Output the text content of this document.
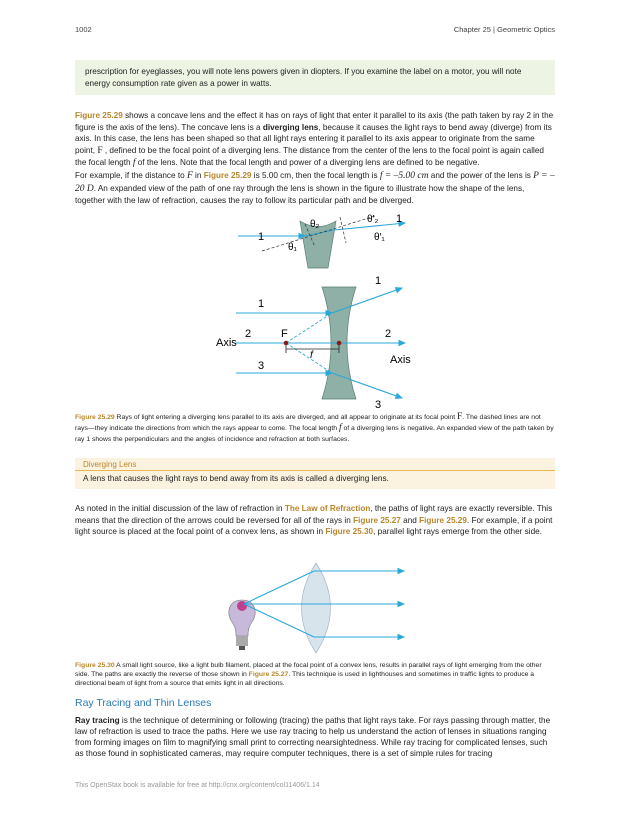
1002	Chapter 25 | Geometric Optics

prescription for eyeglasses, you will note lens powers given in diopters. If you examine the label on a motor, you will note energy consumption rate given as a power in watts.

Figure 25.29 shows a concave lens and the effect it has on rays of light that enter it parallel to its axis (the path taken by ray 2 in the figure is the axis of the lens). The concave lens is a diverging lens, because it causes the light rays to bend away (diverge) from its axis. In this case, the lens has been shaped so that all light rays entering it parallel to its axis appear to originate from the same point, F , defined to be the focal point of a diverging lens. The distance from the center of the lens to the focal point is again called the focal length f of the lens. Note that the focal length and power of a diverging lens are defined to be negative.

For example, if the distance to F in Figure 25.29 is 5.00 cm, then the focal length is f = –5.00 cm and the power of the lens is P = –20 D. An expanded view of the path of one ray through the lens is shown in the figure to illustrate how the shape of the lens, together with the law of refraction, causes the ray to follow its particular path and be diverged.

1
1
θ₂	θ′₂
θ₁
θ′₁
F
f
Axis
Axis
1
1
2	2
3
3

Figure 25.29 Rays of light entering a diverging lens parallel to its axis are diverged, and all appear to originate at its focal point F. The dashed lines are not rays—they indicate the directions from which the rays appear to come. The focal length f of a diverging lens is negative. An expanded view of the path taken by ray 1 shows the perpendiculars and the angles of incidence and refraction at both surfaces.

Diverging Lens
A lens that causes the light rays to bend away from its axis is called a diverging lens.

As noted in the initial discussion of the law of refraction in The Law of Refraction, the paths of light rays are exactly reversible. This means that the direction of the arrows could be reversed for all of the rays in Figure 25.27 and Figure 25.29. For example, if a point light source is placed at the focal point of a convex lens, as shown in Figure 25.30, parallel light rays emerge from the other side.

Figure 25.30 A small light source, like a light bulb filament, placed at the focal point of a convex lens, results in parallel rays of light emerging from the other side. The paths are exactly the reverse of those shown in Figure 25.27. This technique is used in lighthouses and sometimes in traffic lights to produce a directional beam of light from a source that emits light in all directions.

Ray Tracing and Thin Lenses

Ray tracing is the technique of determining or following (tracing) the paths that light rays take. For rays passing through matter, the law of refraction is used to trace the paths. Here we use ray tracing to help us understand the action of lenses in situations ranging from forming images on film to magnifying small print to correcting nearsightedness. While ray tracing for complicated lenses, such as those found in sophisticated cameras, may require computer techniques, there is a set of simple rules for tracing

This OpenStax book is available for free at http://cnx.org/content/col11406/1.14
